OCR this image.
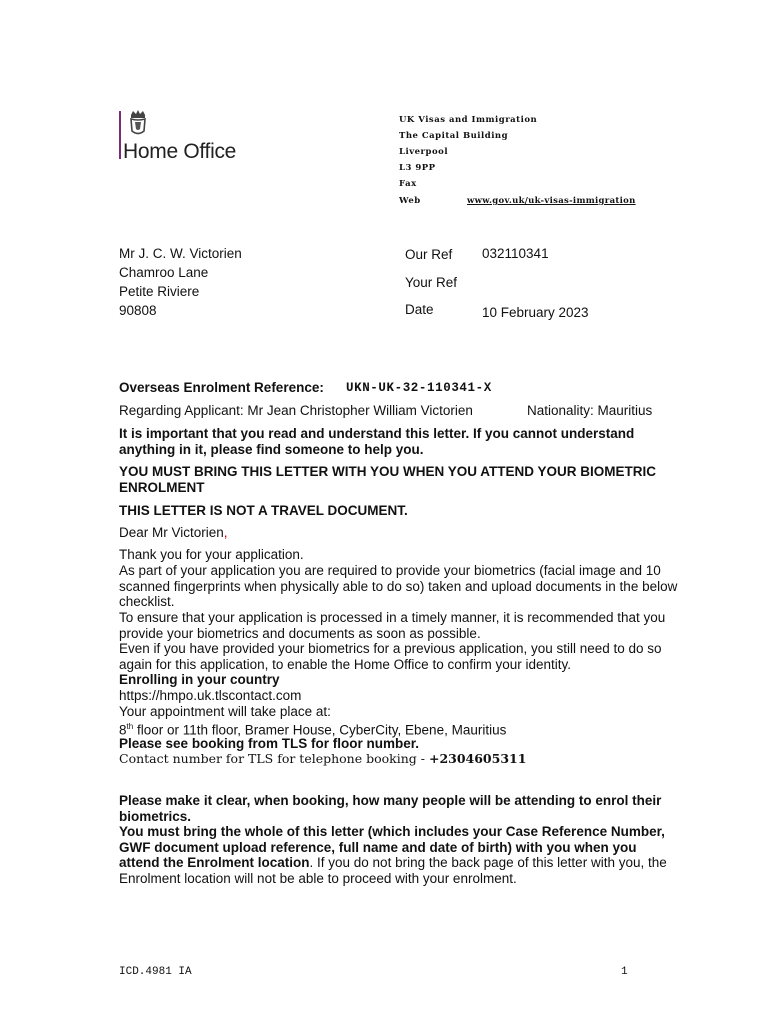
Home Office
UK Visas and Immigration
The Capital Building
Liverpool
L3 9PP
Fax
Web	www.gov.uk/uk-visas-immigration
Mr J. C. W. Victorien
Chamroo Lane
Petite Riviere
90808
Our Ref 032110341
Your Ref
Date	10 February 2023
Overseas Enrolment Reference: UKN-UK-32-110341-X
Regarding Applicant: Mr Jean Christopher William Victorien	Nationality: Mauritius
It is important that you read and understand this letter. If you cannot understand anything in it, please find someone to help you.
YOU MUST BRING THIS LETTER WITH YOU WHEN YOU ATTEND YOUR BIOMETRIC ENROLMENT
THIS LETTER IS NOT A TRAVEL DOCUMENT.
Dear Mr Victorien,
Thank you for your application.
As part of your application you are required to provide your biometrics (facial image and 10 scanned fingerprints when physically able to do so) taken and upload documents in the below checklist.
To ensure that your application is processed in a timely manner, it is recommended that you provide your biometrics and documents as soon as possible.
Even if you have provided your biometrics for a previous application, you still need to do so again for this application, to enable the Home Office to confirm your identity.
Enrolling in your country
https://hmpo.uk.tlscontact.com
Your appointment will take place at:
8th floor or 11th floor, Bramer House, CyberCity, Ebene, Mauritius
Please see booking from TLS for floor number.
Contact number for TLS for telephone booking - +2304605311
Please make it clear, when booking, how many people will be attending to enrol their biometrics.
You must bring the whole of this letter (which includes your Case Reference Number, GWF document upload reference, full name and date of birth) with you when you attend the Enrolment location. If you do not bring the back page of this letter with you, the Enrolment location will not be able to proceed with your enrolment.
ICD.4981 IA	1
